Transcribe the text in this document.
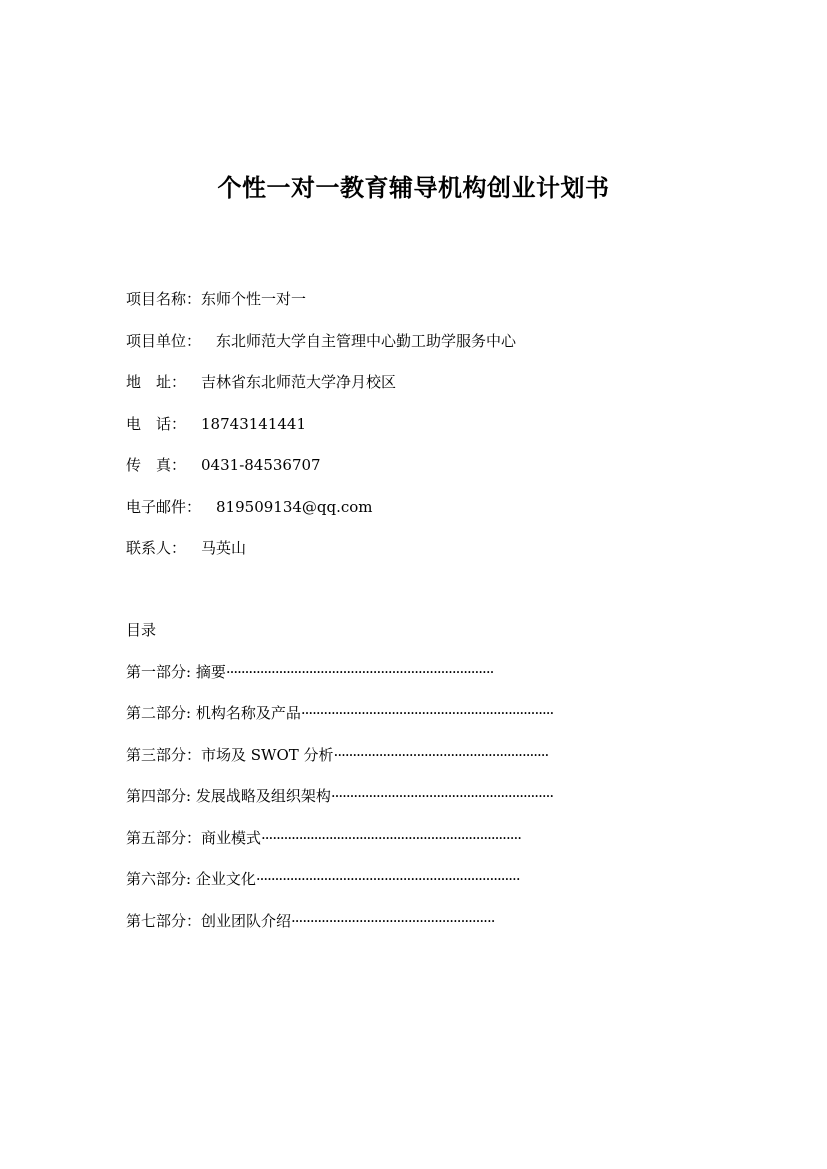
个性一对一教育辅导机构创业计划书
项目名称：东师个性一对一
项目单位：　东北师范大学自主管理中心勤工助学服务中心
地　址：　吉林省东北师范大学净月校区
电　话：　18743141441
传　真：　0431-84536707
电子邮件：　819509134@qq.com
联系人：　马英山
目录
第一部分: 摘要·······································································
第二部分: 机构名称及产品···································································
第三部分：市场及 SWOT 分析·························································
第四部分: 发展战略及组织架构···························································
第五部分：商业模式·····································································
第六部分: 企业文化······································································
第七部分：创业团队介绍······················································
